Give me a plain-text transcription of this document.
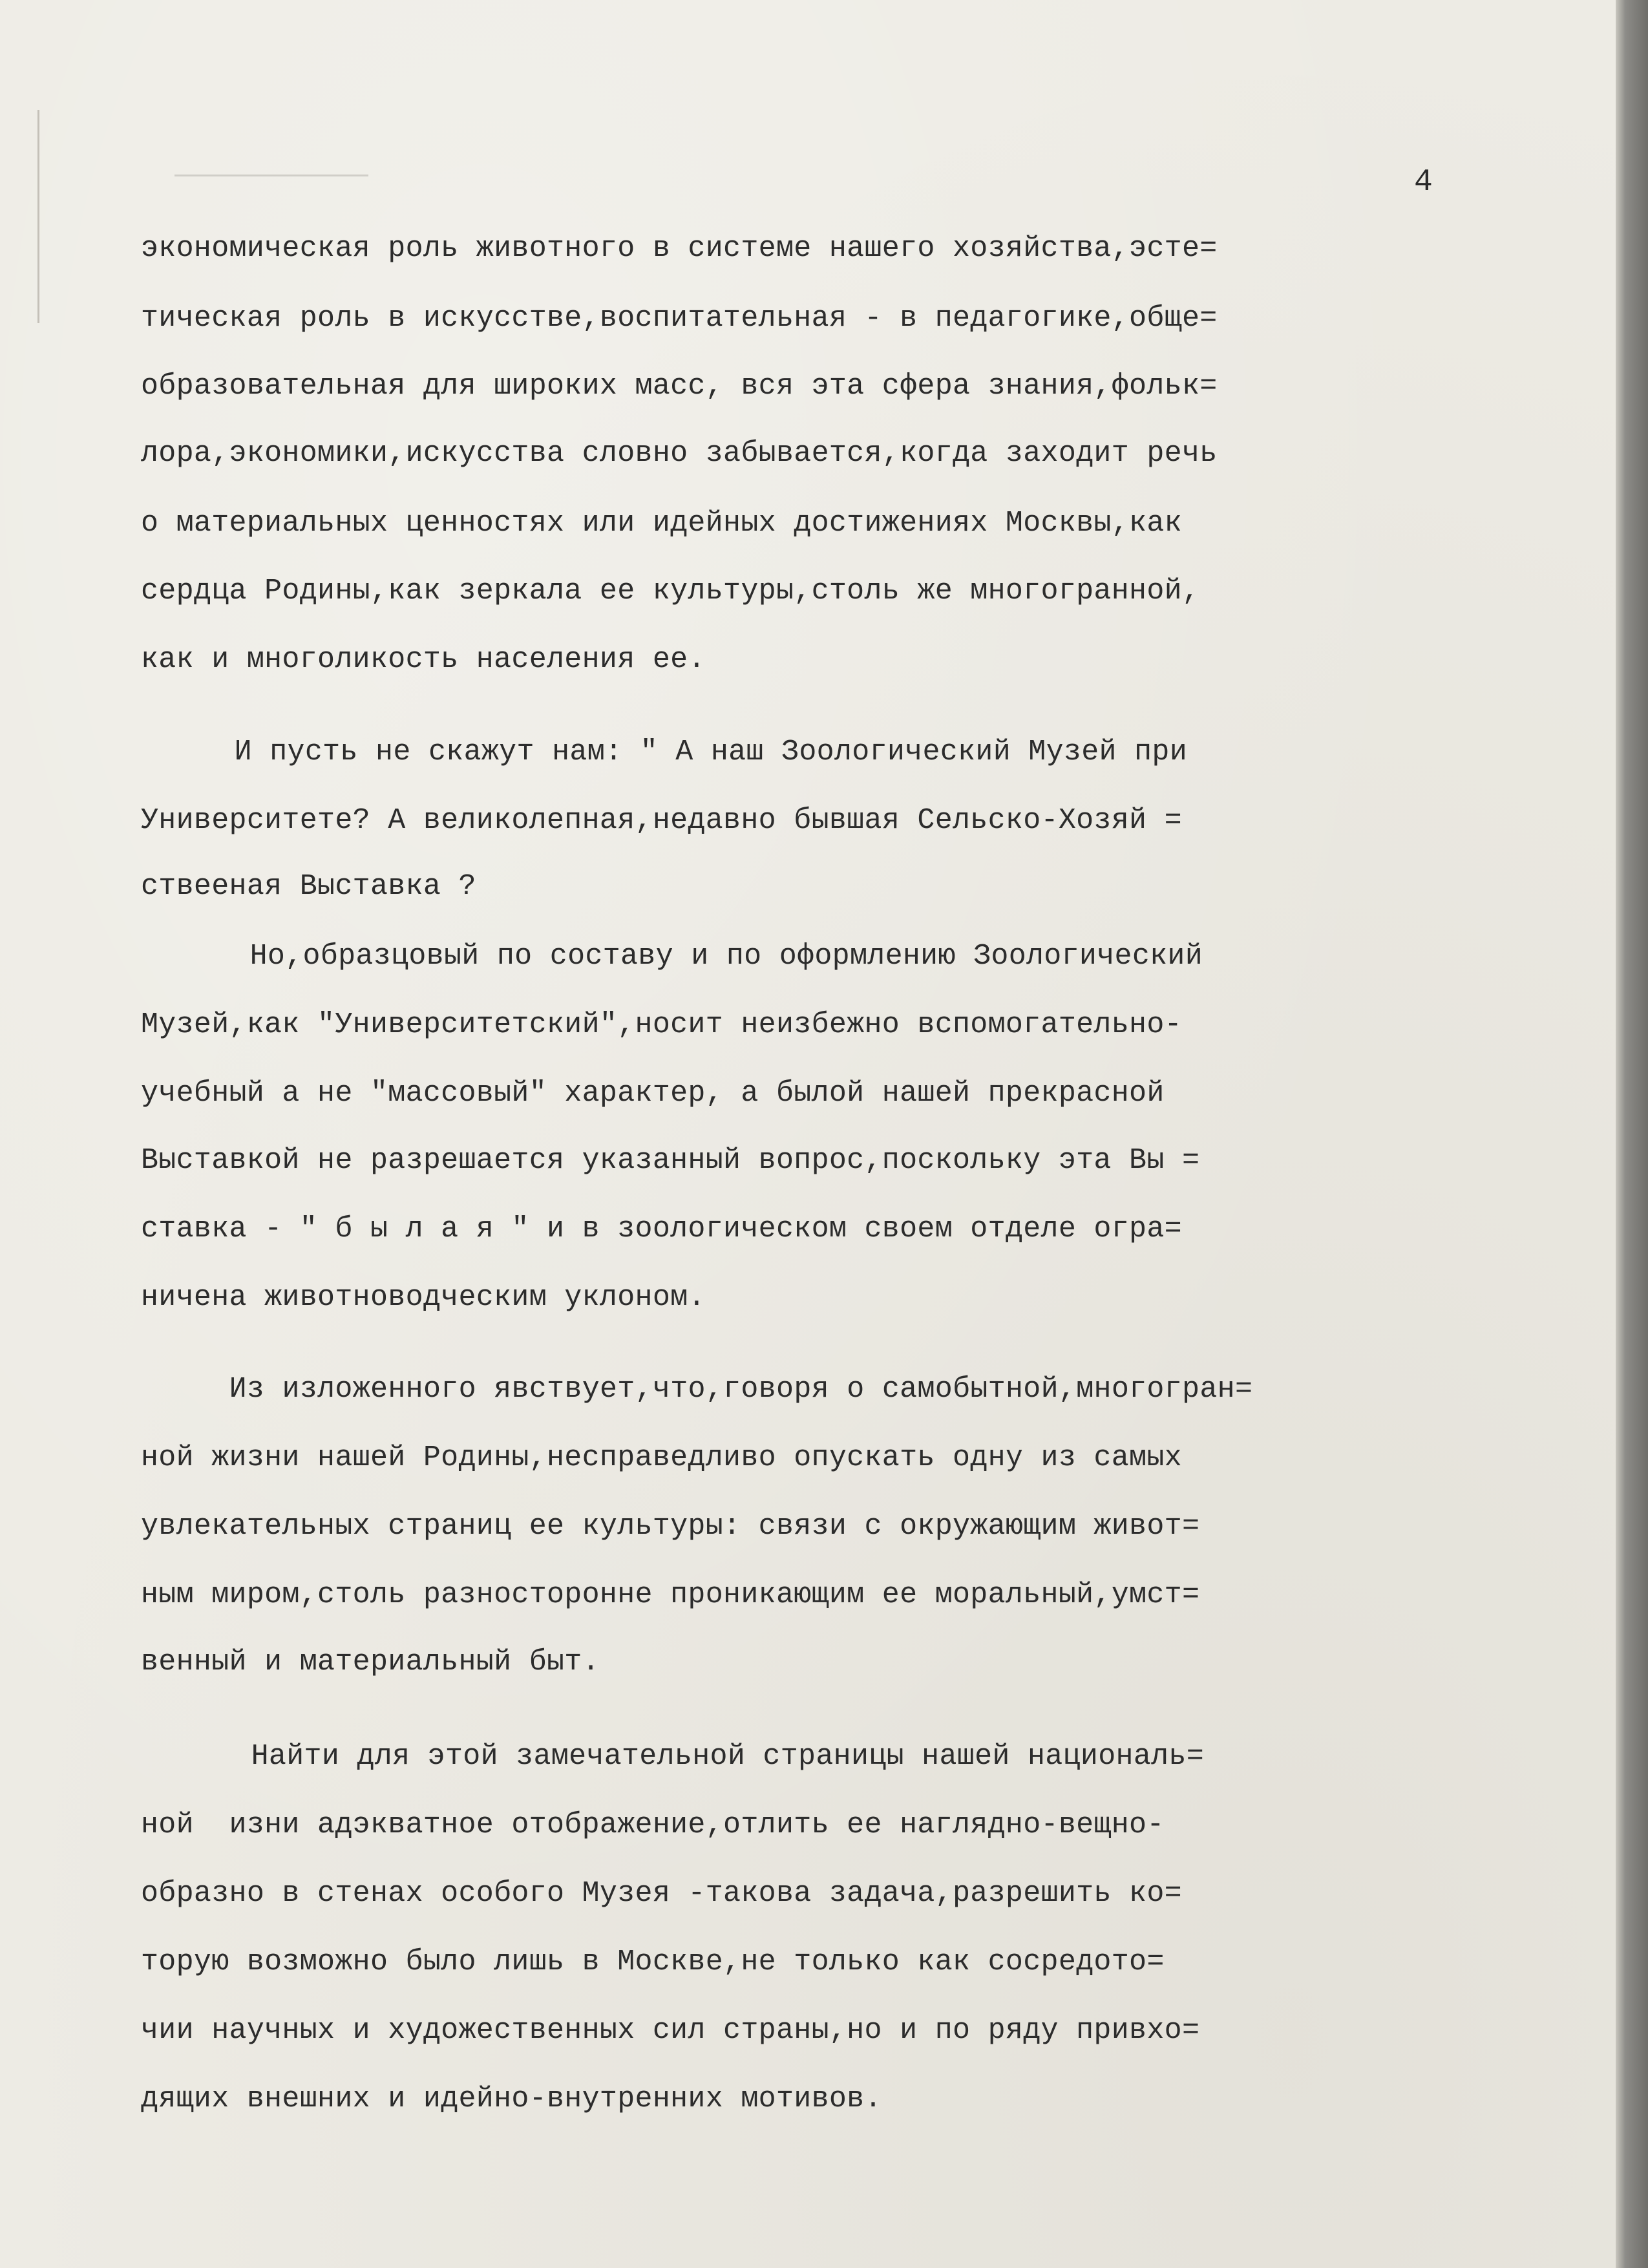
4
экономическая роль животного в системе нашего хозяйства,эсте=
тическая роль в искусстве,воспитательная - в педагогике,обще=
образовательная для широких масс, вся эта сфера знания,фольк=
лора,экономики,искусства словно забывается,когда заходит речь
о материальных ценностях или идейных достижениях Москвы,как
сердца Родины,как зеркала ее культуры,столь же многогранной,
как и многоликость населения ее.
И пусть не скажут нам: " А наш Зоологический Музей при
Университете? А великолепная,недавно бывшая Сельско-Хозяй =
ствееная Выставка ?
Но,образцовый по составу и по оформлению Зоологический
Музей,как "Университетский",носит неизбежно вспомогательно-
учебный а не "массовый" характер, а былой нашей прекрасной
Выставкой не разрешается указанный вопрос,поскольку эта Вы =
ставка - " б ы л а я " и в зоологическом своем отделе огра=
ничена животноводческим уклоном.
Из изложенного явствует,что,говоря о самобытной,многогран=
ной жизни нашей Родины,несправедливо опускать одну из самых
увлекательных страниц ее культуры: связи с окружающим живот=
ным миром,столь разносторонне проникающим ее моральный,умст=
венный и материальный быт.
Найти для этой замечательной страницы нашей националь=
ной  изни адэкватное отображение,отлить ее наглядно-вещно-
образно в стенах особого Музея -такова задача,разрешить ко=
торую возможно было лишь в Москве,не только как сосредото=
чии научных и художественных сил страны,но и по ряду привхо=
дящих внешних и идейно-внутренних мотивов.
